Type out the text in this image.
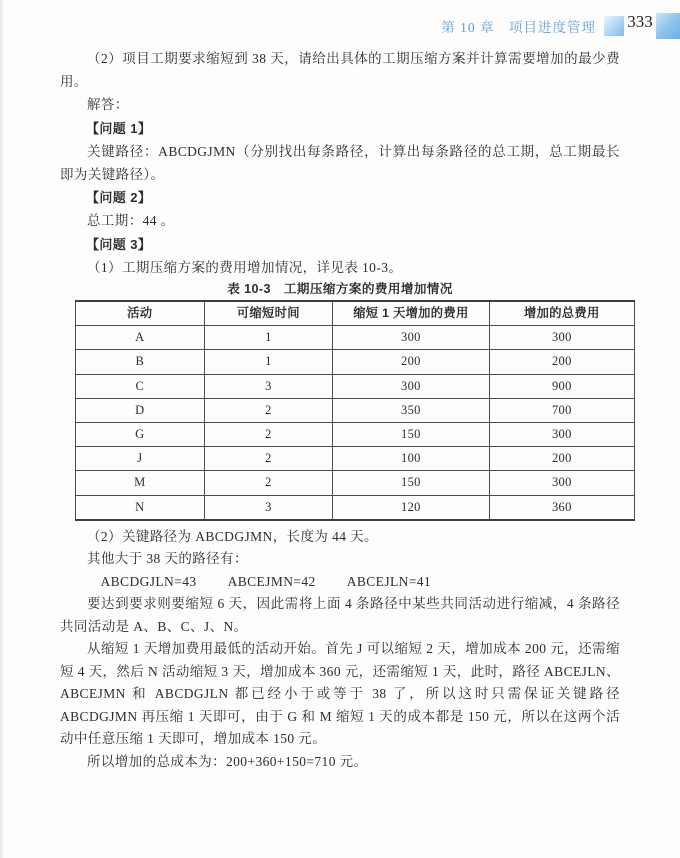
第 10 章　项目进度管理 333

（2）项目工期要求缩短到 38 天，请给出具体的工期压缩方案并计算需要增加的最少费用。

解答：

【问题 1】

关键路径：ABCDGJMN（分别找出每条路径，计算出每条路径的总工期，总工期最长即为关键路径）。

【问题 2】

总工期：44 。

【问题 3】

（1）工期压缩方案的费用增加情况，详见表 10-3。

表 10-3　工期压缩方案的费用增加情况

活动	可缩短时间	缩短 1 天增加的费用	增加的总费用
A	1	300	300
B	1	200	200
C	3	300	900
D	2	350	700
G	2	150	300
J	2	100	200
M	2	150	300
N	3	120	360

（2）关键路径为 ABCDGJMN，长度为 44 天。

其他大于 38 天的路径有：

ABCDGJLN=43 ABCEJMN=42 ABCEJLN=41

要达到要求则要缩短 6 天，因此需将上面 4 条路径中某些共同活动进行缩减，4 条路径共同活动是 A、B、C、J、N。

从缩短 1 天增加费用最低的活动开始。首先 J 可以缩短 2 天，增加成本 200 元，还需缩短 4 天，然后 N 活动缩短 3 天，增加成本 360 元，还需缩短 1 天，此时，路径 ABCEJLN、ABCEJMN 和 ABCDGJLN 都已经小于或等于 38 了，所以这时只需保证关键路径 ABCDGJMN 再压缩 1 天即可，由于 G 和 M 缩短 1 天的成本都是 150 元，所以在这两个活动中任意压缩 1 天即可，增加成本 150 元。

所以增加的总成本为：200+360+150=710 元。
